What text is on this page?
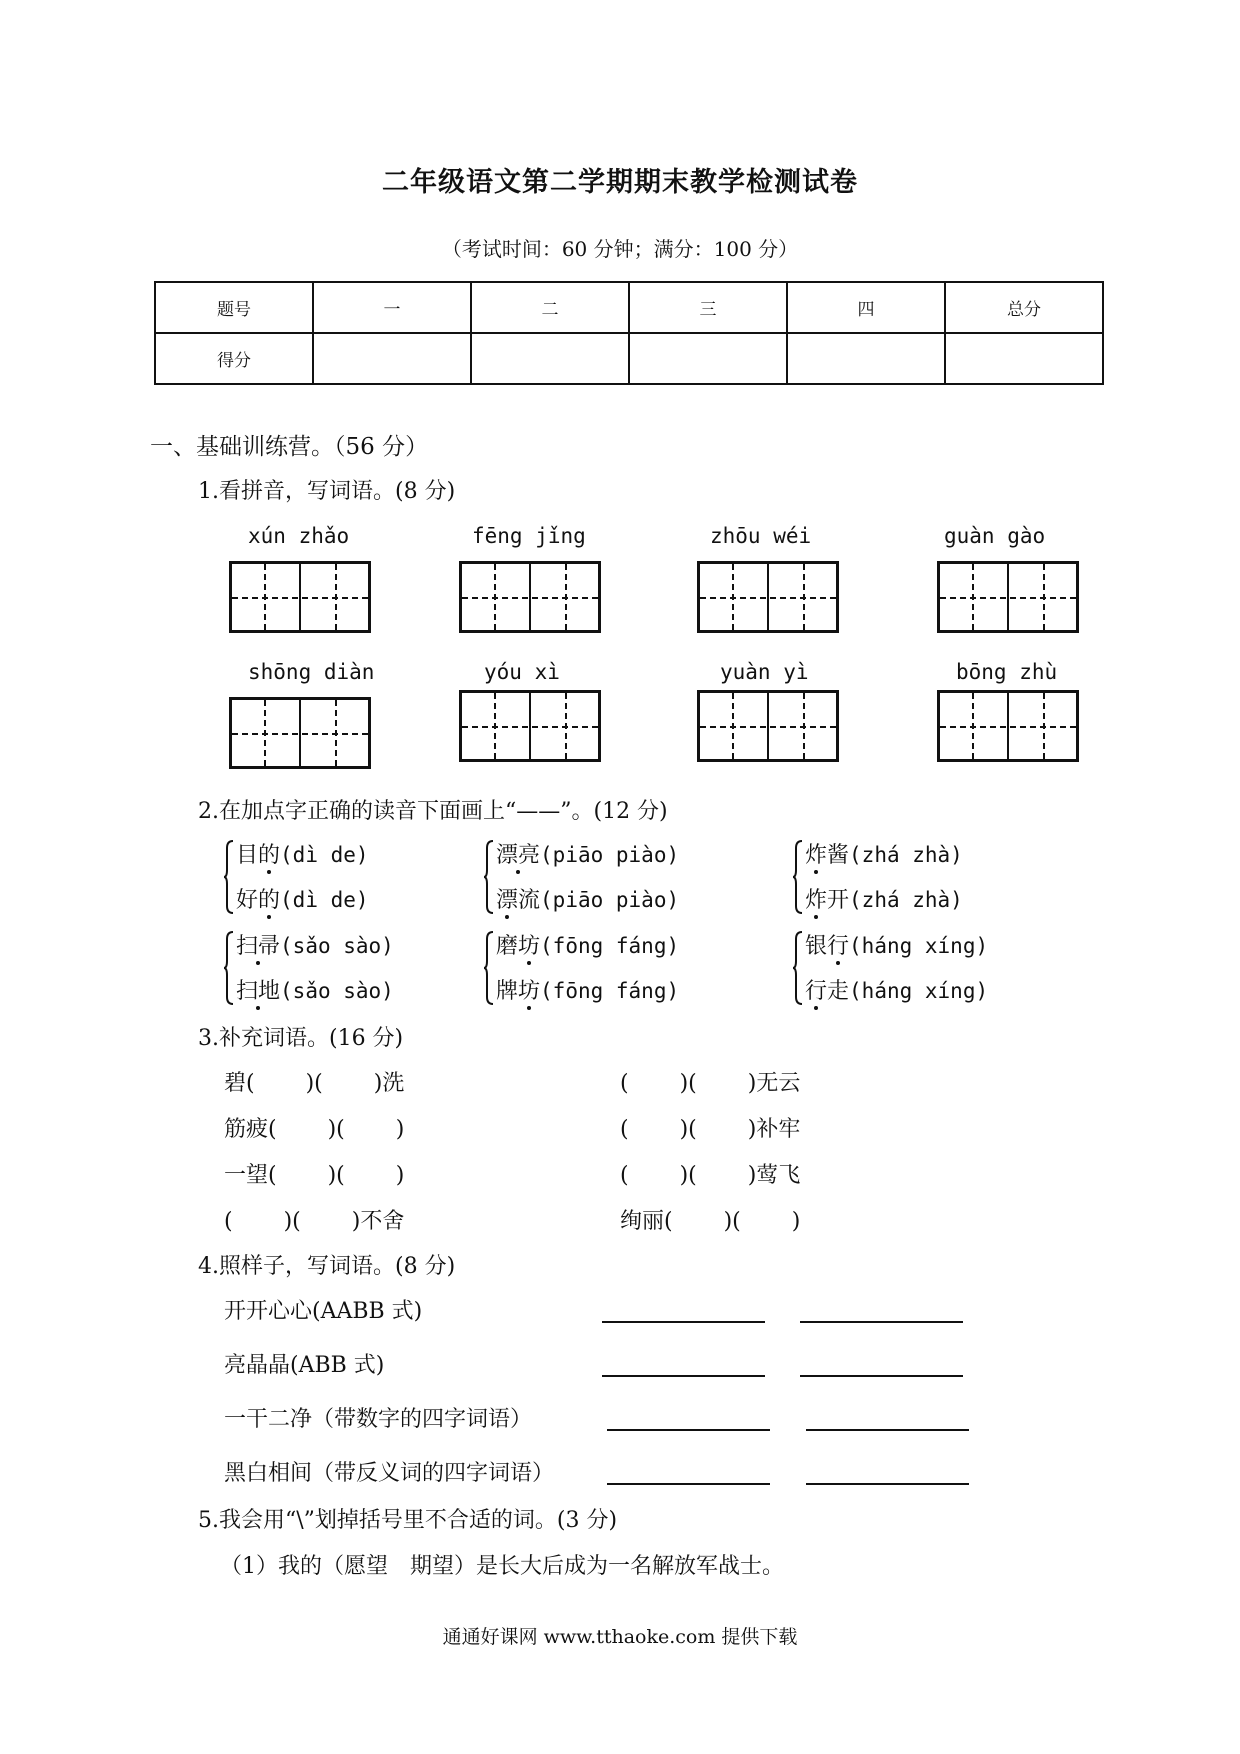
二年级语文第二学期期末教学检测试卷
（考试时间：60 分钟；满分：100 分）
题号	一	二	三	四	总分
得分					
一、基础训练营。（56 分）
1.看拼音，写词语。(8 分)
xún zhǎo	fēng jǐng	zhōu wéi	guàn gào
shōng diàn	yóu xì	yuàn yì	bōng zhù
2.在加点字正确的读音下面画上“——”。(12 分)
目的(dì de)
好的(dì de)
漂亮(piāo piào)
漂流(piāo piào)
炸酱(zhá zhà)
炸开(zhá zhà)
扫帚(sǎo sào)
扫地(sǎo sào)
磨坊(fōng fáng)
牌坊(fōng fáng)
银行(háng xíng)
行走(háng xíng)
3.补充词语。(16 分)
碧(　　 )(　　 )洗
筋疲(　　 )(　　 )
一望(　　 )(　　 )
(　　 )(　　 )不舍
(　　 )(　　 )无云
(　　 )(　　 )补牢
(　　 )(　　 )莺飞
绚丽(　　 )(　　 )
4.照样子，写词语。(8 分)
开开心心(AABB 式)
亮晶晶(ABB 式)
一干二净（带数字的四字词语）
黑白相间（带反义词的四字词语）
5.我会用“\”划掉括号里不合适的词。(3 分)
（1）我的（愿望　期望）是长大后成为一名解放军战士。
通通好课网 www.tthaoke.com 提供下载
